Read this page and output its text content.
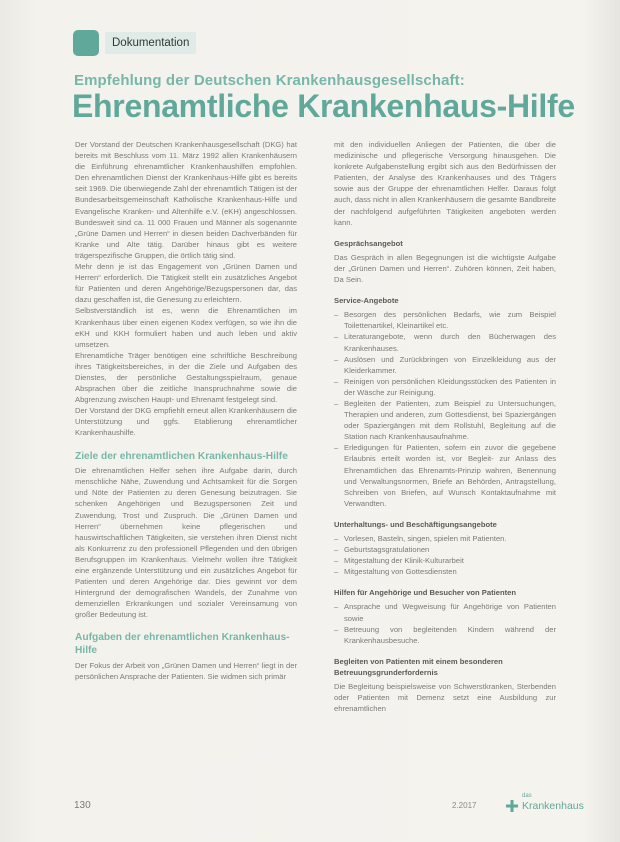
Dokumentation
Empfehlung der Deutschen Krankenhausgesellschaft:
Ehrenamtliche Krankenhaus-Hilfe

Der Vorstand der Deutschen Krankenhausgesellschaft (DKG) hat bereits mit Beschluss vom 11. März 1992 allen Krankenhäusern die Einführung ehrenamtlicher Krankenhaushilfen empfohlen. Den ehrenamtlichen Dienst der Krankenhaus-Hilfe gibt es bereits seit 1969. Die überwiegende Zahl der ehrenamtlich Tätigen ist der Bundesarbeitsgemeinschaft Katholische Krankenhaus-Hilfe und Evangelische Kranken- und Altenhilfe e.V. (eKH) angeschlossen. Bundesweit sind ca. 11 000 Frauen und Männer als sogenannte „Grüne Damen und Herren“ in diesen beiden Dachverbänden für Kranke und Alte tätig. Darüber hinaus gibt es weitere trägerspezifische Gruppen, die örtlich tätig sind.

Mehr denn je ist das Engagement von „Grünen Damen und Herren“ erforderlich. Die Tätigkeit stellt ein zusätzliches Angebot für Patienten und deren Angehörige/Bezugspersonen dar, das dazu geschaffen ist, die Genesung zu erleichtern.

Selbstverständlich ist es, wenn die Ehrenamtlichen im Krankenhaus über einen eigenen Kodex verfügen, so wie ihn die eKH und KKH formuliert haben und auch leben und aktiv umsetzen.

Ehrenamtliche Träger benötigen eine schriftliche Beschreibung ihres Tätigkeitsbereiches, in der die Ziele und Aufgaben des Dienstes, der persönliche Gestaltungsspielraum, genaue Absprachen über die zeitliche Inanspruchnahme sowie die Abgrenzung zwischen Haupt- und Ehrenamt festgelegt sind.

Der Vorstand der DKG empfiehlt erneut allen Krankenhäusern die Unterstützung und ggfs. Etablierung ehrenamtlicher Krankenhaushilfe.

Ziele der ehrenamtlichen Krankenhaus-Hilfe

Die ehrenamtlichen Helfer sehen ihre Aufgabe darin, durch menschliche Nähe, Zuwendung und Achtsamkeit für die Sorgen und Nöte der Patienten zu deren Genesung beizutragen. Sie schenken Angehörigen und Bezugspersonen Zeit und Zuwendung, Trost und Zuspruch. Die „Grünen Damen und Herren“ übernehmen keine pflegerischen und hauswirtschaftlichen Tätigkeiten, sie verstehen ihren Dienst nicht als Konkurrenz zu den professionell Pflegenden und den übrigen Berufsgruppen im Krankenhaus. Vielmehr wollen ihre Tätigkeit eine ergänzende Unterstützung und ein zusätzliches Angebot für Patienten und deren Angehörige dar. Dies gewinnt vor dem Hintergrund der demografischen Wandels, der Zunahme von demenziellen Erkrankungen und sozialer Vereinsamung von großer Bedeutung ist.

Aufgaben der ehrenamtlichen Krankenhaus-Hilfe

Der Fokus der Arbeit von „Grünen Damen und Herren“ liegt in der persönlichen Ansprache der Patienten. Sie widmen sich primär

mit den individuellen Anliegen der Patienten, die über die medizinische und pflegerische Versorgung hinausgehen. Die konkrete Aufgabenstellung ergibt sich aus den Bedürfnissen der Patienten, der Analyse des Krankenhauses und des Trägers sowie aus der Gruppe der ehrenamtlichen Helfer. Daraus folgt auch, dass nicht in allen Krankenhäusern die gesamte Bandbreite der nachfolgend aufgeführten Tätigkeiten angeboten werden kann.

Gesprächsangebot

Das Gespräch in allen Begegnungen ist die wichtigste Aufgabe der „Grünen Damen und Herren“. Zuhören können, Zeit haben, Da Sein.

Service-Angebote
– Besorgen des persönlichen Bedarfs, wie zum Beispiel Toilettenartikel, Kleinartikel etc.
– Literaturangebote, wenn durch den Bücherwagen des Krankenhauses.
– Auslösen und Zurückbringen von Einzelkleidung aus der Kleiderkammer.
– Reinigen von persönlichen Kleidungsstücken des Patienten in der Wäsche zur Reinigung.
– Begleiten der Patienten, zum Beispiel zu Untersuchungen, Therapien und anderen, zum Gottesdienst, bei Spaziergängen oder Spaziergängen mit dem Rollstuhl, Begleitung auf die Station nach Krankenhausaufnahme.
– Erledigungen für Patienten, sofern ein zuvor die gegebene Erlaubnis erteilt worden ist, vor Begleit- zur Anlass des Ehrenamtlichen das Ehrenamts-Prinzip wahren, Benennung und Verwaltungsnormen, Briefe an Behörden, Antragstellung, Schreiben von Briefen, auf Wunsch Kontaktaufnahme mit Verwandten.
Unterhaltungs- und Beschäftigungsangebote
– Vorlesen, Basteln, singen, spielen mit Patienten.
– Geburtstagsgratulationen
– Mitgestaltung der Klinik-Kulturarbeit
– Mitgestaltung von Gottesdiensten
Hilfen für Angehörige und Besucher von Patienten
– Ansprache und Wegweisung für Angehörige von Patienten sowie
– Betreuung von begleitenden Kindern während der Krankenhausbesuche.
Begleiten von Patienten mit einem besonderen Betreuungsgrunderfordernis

Die Begleitung beispielsweise von Schwerstkranken, Sterbenden oder Patienten mit Demenz setzt eine Ausbildung zur ehrenamtlichen

130	2.2017
das
Krankenhaus
